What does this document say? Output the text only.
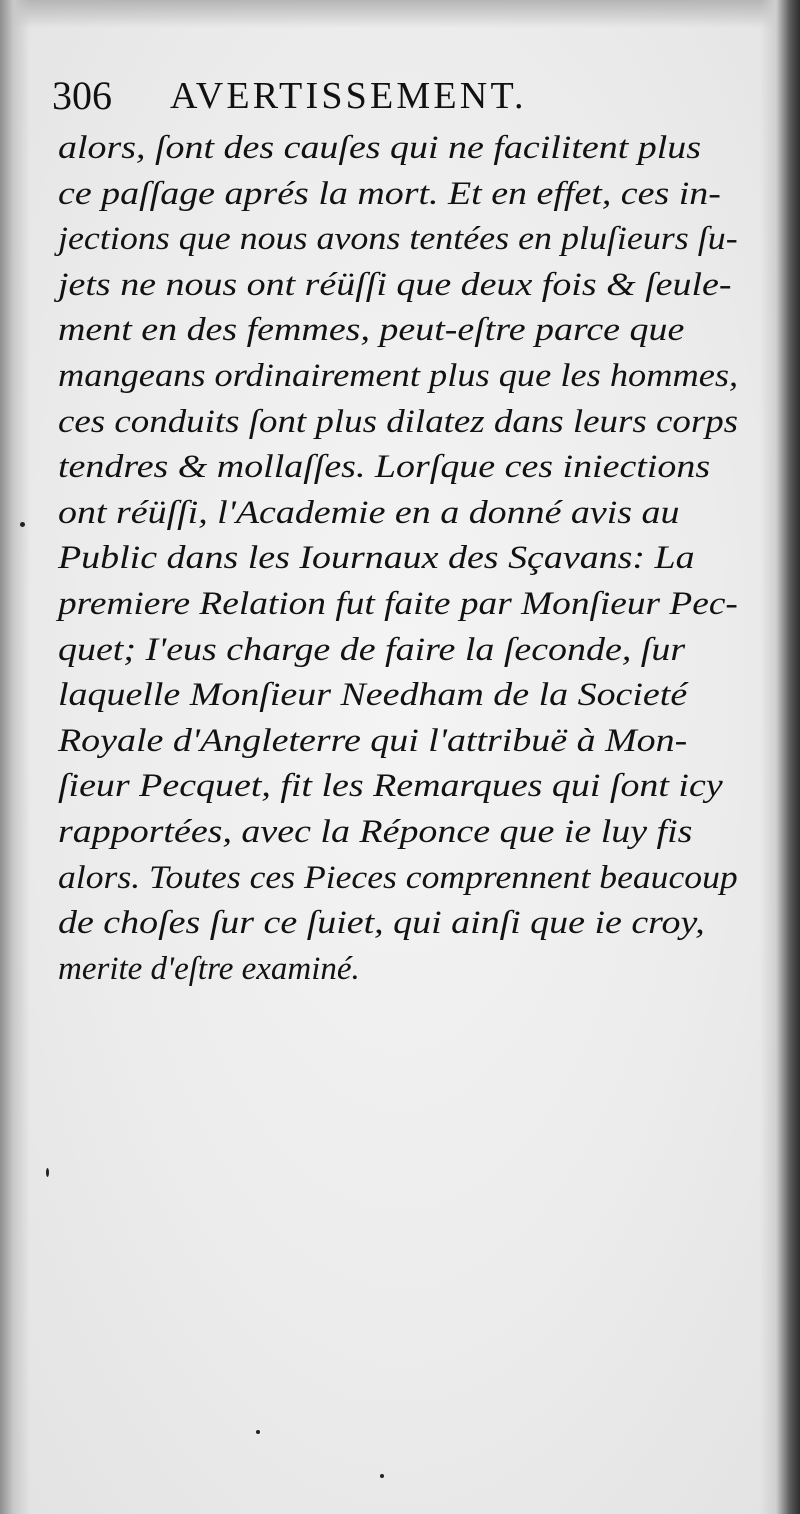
306 AVERTISSEMENT.
alors, ſont des cauſes qui ne facilitent plus
ce paſſage aprés la mort. Et en effet, ces in-
jections que nous avons tentées en pluſieurs ſu-
jets ne nous ont réüſſi que deux fois & ſeule-
ment en des femmes, peut-eſtre parce que
mangeans ordinairement plus que les hommes,
ces conduits ſont plus dilatez dans leurs corps
tendres & mollaſſes. Lorſque ces iniections
ont réüſſi, l'Academie en a donné avis au
Public dans les Iournaux des Sçavans: La
premiere Relation fut faite par Monſieur Pec-
quet; I'eus charge de faire la ſeconde, ſur
laquelle Monſieur Needham de la Societé
Royale d'Angleterre qui l'attribuë à Mon-
ſieur Pecquet, fit les Remarques qui ſont icy
rapportées, avec la Réponce que ie luy fis
alors. Toutes ces Pieces comprennent beaucoup
de choſes ſur ce ſuiet, qui ainſi que ie croy,
merite d'eſtre examiné.
